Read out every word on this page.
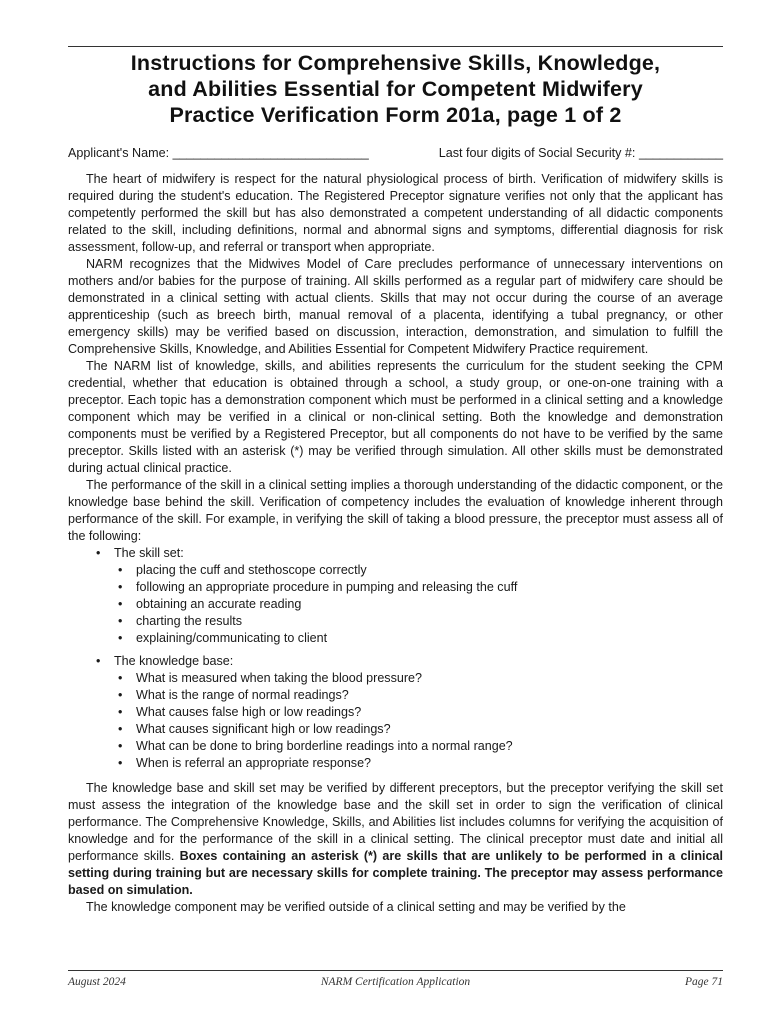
Instructions for Comprehensive Skills, Knowledge,
and Abilities Essential for Competent Midwifery
Practice Verification Form 201a, page 1 of 2
Applicant's Name: ____________________________	Last four digits of Social Security #: ____________

The heart of midwifery is respect for the natural physiological process of birth. Verification of midwifery skills is required during the student's education. The Registered Preceptor signature verifies not only that the applicant has competently performed the skill but has also demonstrated a competent understanding of all didactic components related to the skill, including definitions, normal and abnormal signs and symptoms, differential diagnosis for risk assessment, follow-up, and referral or transport when appropriate.

NARM recognizes that the Midwives Model of Care precludes performance of unnecessary interventions on mothers and/or babies for the purpose of training. All skills performed as a regular part of midwifery care should be demonstrated in a clinical setting with actual clients. Skills that may not occur during the course of an average apprenticeship (such as breech birth, manual removal of a placenta, identifying a tubal pregnancy, or other emergency skills) may be verified based on discussion, interaction, demonstration, and simulation to fulfill the Comprehensive Skills, Knowledge, and Abilities Essential for Competent Midwifery Practice requirement.

The NARM list of knowledge, skills, and abilities represents the curriculum for the student seeking the CPM credential, whether that education is obtained through a school, a study group, or one-on-one training with a preceptor. Each topic has a demonstration component which must be performed in a clinical setting and a knowledge component which may be verified in a clinical or non-clinical setting. Both the knowledge and demonstration components must be verified by a Registered Preceptor, but all components do not have to be verified by the same preceptor. Skills listed with an asterisk (*) may be verified through simulation. All other skills must be demonstrated during actual clinical practice.

The performance of the skill in a clinical setting implies a thorough understanding of the didactic component, or the knowledge base behind the skill. Verification of competency includes the evaluation of knowledge inherent through performance of the skill. For example, in verifying the skill of taking a blood pressure, the preceptor must assess all of the following:

• The skill set:
• placing the cuff and stethoscope correctly
• following an appropriate procedure in pumping and releasing the cuff
• obtaining an accurate reading
• charting the results
• explaining/communicating to client
• The knowledge base:
• What is measured when taking the blood pressure?
• What is the range of normal readings?
• What causes false high or low readings?
• What causes significant high or low readings?
• What can be done to bring borderline readings into a normal range?
• When is referral an appropriate response?

The knowledge base and skill set may be verified by different preceptors, but the preceptor verifying the skill set must assess the integration of the knowledge base and the skill set in order to sign the verification of clinical performance. The Comprehensive Knowledge, Skills, and Abilities list includes columns for verifying the acquisition of knowledge and for the performance of the skill in a clinical setting. The clinical preceptor must date and initial all performance skills. Boxes containing an asterisk (*) are skills that are unlikely to be performed in a clinical setting during training but are necessary skills for complete training. The preceptor may assess performance based on simulation.

The knowledge component may be verified outside of a clinical setting and may be verified by the

August 2024	NARM Certification Application	Page 71
